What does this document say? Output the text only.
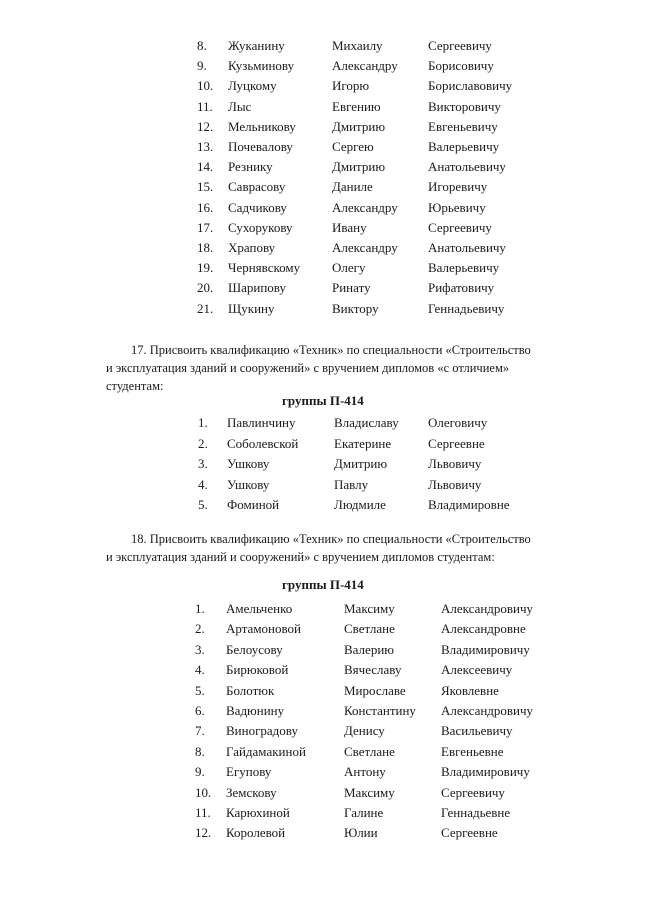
8. Жуканину	Михаилу	Сергеевичу
9. Кузьминову	Александру Борисовичу
10. Луцкому	Игорю	Бориславовичу
11. Лыс	Евгению	Викторовичу
12. Мельникову	Дмитрию	Евгеньевичу
13. Почевалову	Сергею	Валерьевичу
14. Резнику	Дмитрию	Анатольевичу
15. Саврасову	Даниле	Игоревичу
16. Садчикову	Александру Юрьевичу
17. Сухорукову	Ивану	Сергеевичу
18. Храпову	Александру Анатольевичу
19. Чернявскому Олегу	Валерьевичу
20. Шарипову	Ринату	Рифатовичу
21. Щукину	Виктору	Геннадьевичу
17. Присвоить квалификацию «Техник» по специальности «Строительство
и эксплуатация зданий и сооружений» с вручением дипломов «с отличием»
студентам:
группы П-414
1. Павлинчину	Владиславу Олеговичу
2. Соболевской	Екатерине	Сергеевне
3. Ушкову	Дмитрию	Львовичу
4. Ушкову	Павлу	Львовичу
5. Фоминой	Людмиле	Владимировне
18. Присвоить квалификацию «Техник» по специальности «Строительство
и эксплуатация зданий и сооружений» с вручением дипломов студентам:
группы П-414
1. Амельченко	Максиму	Александровичу
2. Артамоновой	Светлане	Александровне
3. Белоусову	Валерию	Владимировичу
4. Бирюковой	Вячеславу	Алексеевичу
5. Болотюк	Мирославе	Яковлевне
6. Вадюнину	Константину Александровичу
7. Виноградову	Денису	Васильевичу
8. Гайдамакиной	Светлане	Евгеньевне
9. Егупову	Антону	Владимировичу
10. Земскову	Максиму	Сергеевичу
11. Карюхиной	Галине	Геннадьевне
12. Королевой	Юлии	Сергеевне
